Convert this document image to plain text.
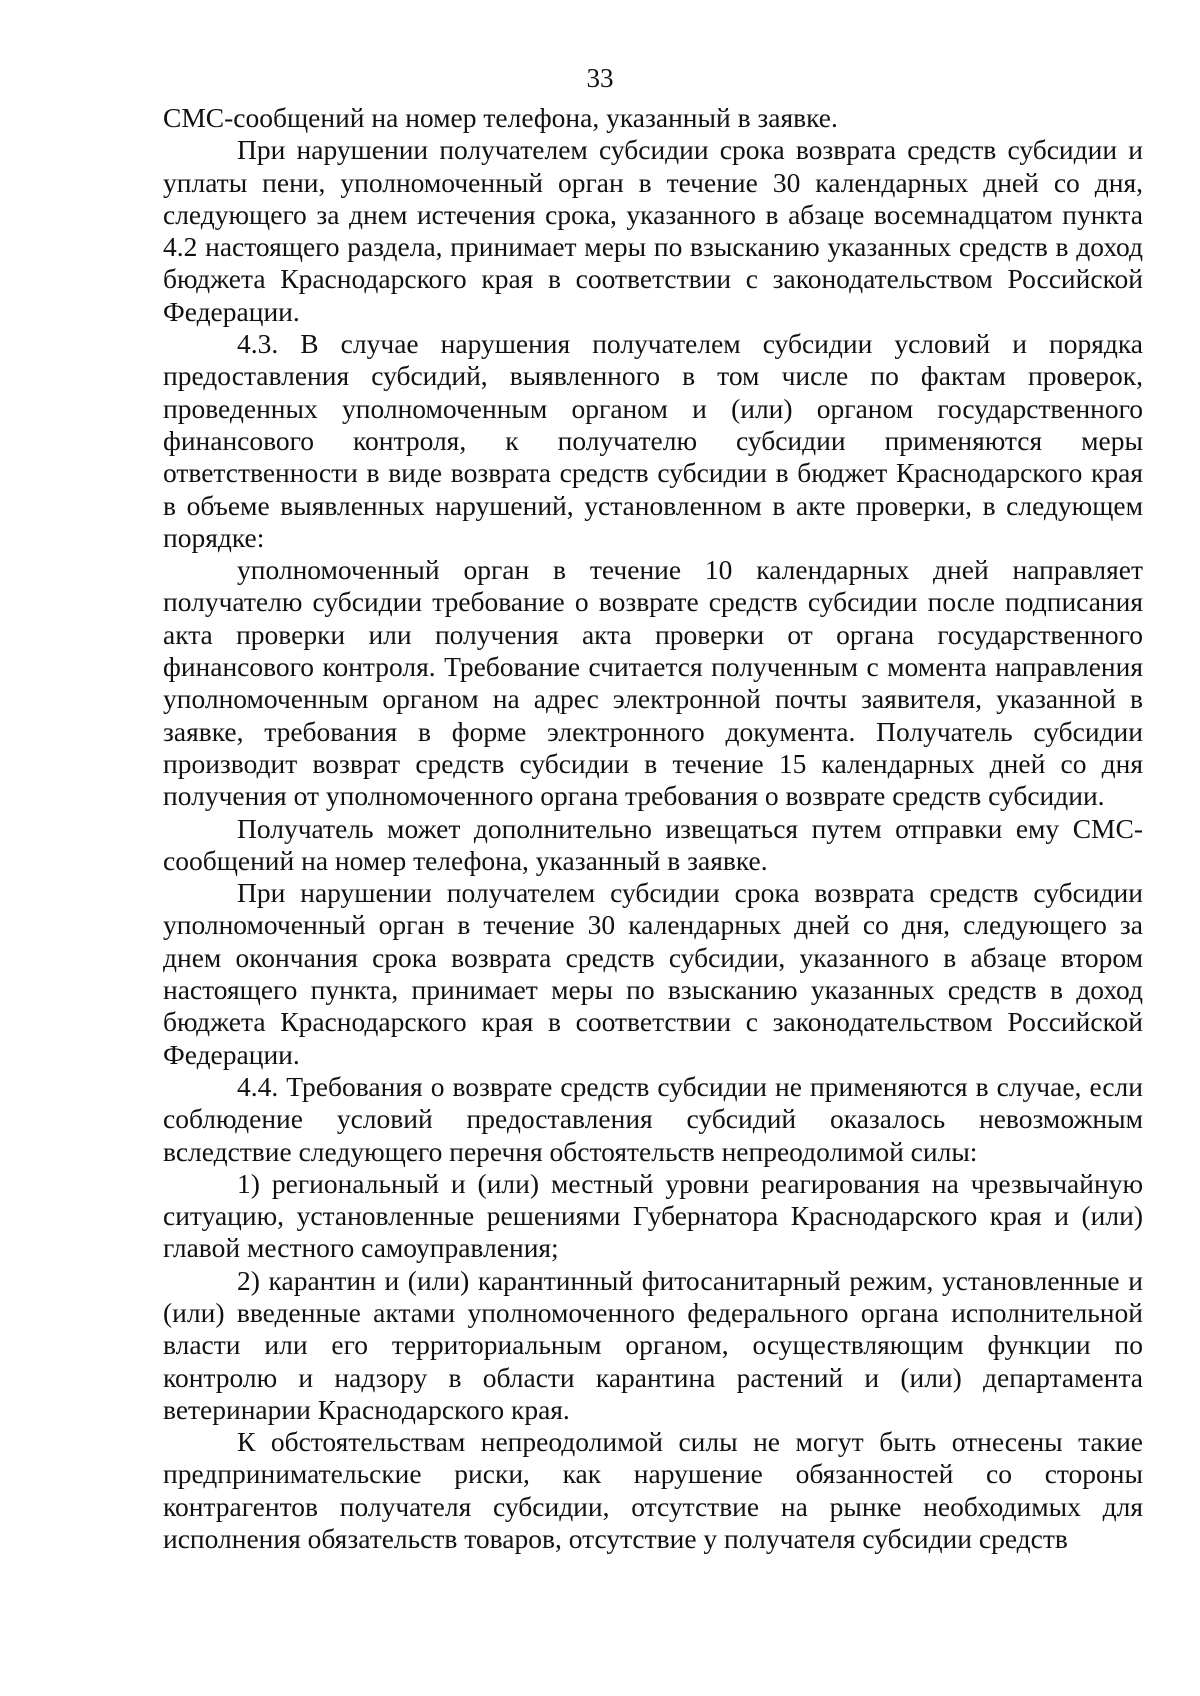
33

СМС-сообщений на номер телефона, указанный в заявке.

При нарушении получателем субсидии срока возврата средств субсидии и уплаты пени, уполномоченный орган в течение 30 календарных дней со дня, следующего за днем истечения срока, указанного в абзаце восемнадцатом пункта 4.2 настоящего раздела, принимает меры по взысканию указанных средств в доход бюджета Краснодарского края в соответствии с законодательством Российской Федерации.

4.3. В случае нарушения получателем субсидии условий и порядка предоставления субсидий, выявленного в том числе по фактам проверок, проведенных уполномоченным органом и (или) органом государственного финансового контроля, к получателю субсидии применяются меры ответственности в виде возврата средств субсидии в бюджет Краснодарского края в объеме выявленных нарушений, установленном в акте проверки, в следующем порядке:

уполномоченный орган в течение 10 календарных дней направляет получателю субсидии требование о возврате средств субсидии после подписания акта проверки или получения акта проверки от органа государственного финансового контроля. Требование считается полученным с момента направления уполномоченным органом на адрес электронной почты заявителя, указанной в заявке, требования в форме электронного документа. Получатель субсидии производит возврат средств субсидии в течение 15 календарных дней со дня получения от уполномоченного органа требования о возврате средств субсидии.

Получатель может дополнительно извещаться путем отправки ему СМС-сообщений на номер телефона, указанный в заявке.

При нарушении получателем субсидии срока возврата средств субсидии уполномоченный орган в течение 30 календарных дней со дня, следующего за днем окончания срока возврата средств субсидии, указанного в абзаце втором настоящего пункта, принимает меры по взысканию указанных средств в доход бюджета Краснодарского края в соответствии с законодательством Российской Федерации.

4.4. Требования о возврате средств субсидии не применяются в случае, если соблюдение условий предоставления субсидий оказалось невозможным вследствие следующего перечня обстоятельств непреодолимой силы:

1) региональный и (или) местный уровни реагирования на чрезвычайную ситуацию, установленные решениями Губернатора Краснодарского края и (или) главой местного самоуправления;

2) карантин и (или) карантинный фитосанитарный режим, установленные и (или) введенные актами уполномоченного федерального органа исполнительной власти или его территориальным органом, осуществляющим функции по контролю и надзору в области карантина растений и (или) департамента ветеринарии Краснодарского края.

К обстоятельствам непреодолимой силы не могут быть отнесены такие предпринимательские риски, как нарушение обязанностей со стороны контрагентов получателя субсидии, отсутствие на рынке необходимых для исполнения обязательств товаров, отсутствие у получателя субсидии средств
